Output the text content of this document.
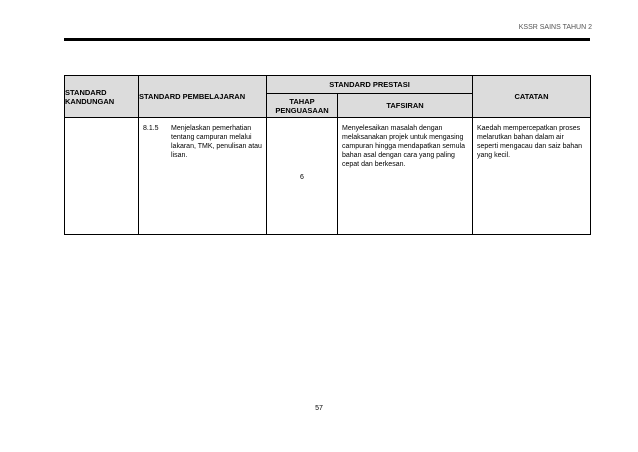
KSSR SAINS TAHUN 2
STANDARD KANDUNGAN	STANDARD PEMBELAJARAN	STANDARD PRESTASI		CATATAN
		TAHAP PENGUASAAN	TAFSIRAN	

	8.1.5 Menjelaskan pemerhatian tentang campuran melalui lakaran, TMK, penulisan atau lisan.	6	Menyelesaikan masalah dengan melaksanakan projek untuk mengasing campuran hingga mendapatkan semula bahan asal dengan cara yang paling cepat dan berkesan.	Kaedah mempercepatkan proses melarutkan bahan dalam air seperti mengacau dan saiz bahan yang kecil.
57
